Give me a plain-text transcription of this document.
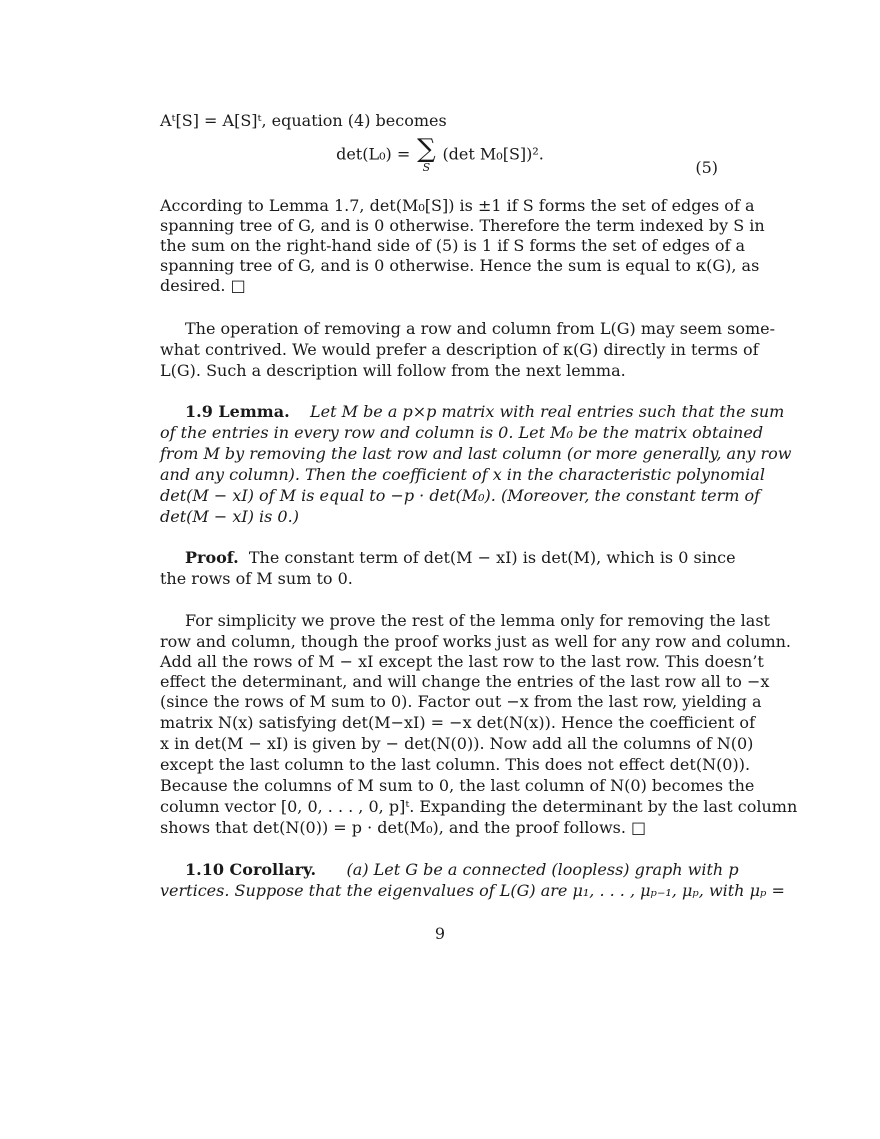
Aᵗ[S] = A[S]ᵗ, equation (4) becomes
det(L₀) = ∑
S
(det M₀[S])².
(5)
According to Lemma 1.7, det(M₀[S]) is ±1 if S forms the set of edges of a
spanning tree of G, and is 0 otherwise. Therefore the term indexed by S in
the sum on the right-hand side of (5) is 1 if S forms the set of edges of a
spanning tree of G, and is 0 otherwise. Hence the sum is equal to κ(G), as
desired. □
The operation of removing a row and column from L(G) may seem some-
what contrived. We would prefer a description of κ(G) directly in terms of
L(G). Such a description will follow from the next lemma.
1.9 Lemma. Let M be a p×p matrix with real entries such that the sum
of the entries in every row and column is 0. Let M₀ be the matrix obtained
from M by removing the last row and last column (or more generally, any row
and any column). Then the coefficient of x in the characteristic polynomial
det(M − xI) of M is equal to −p · det(M₀). (Moreover, the constant term of
det(M − xI) is 0.)
Proof. The constant term of det(M − xI) is det(M), which is 0 since
the rows of M sum to 0.
For simplicity we prove the rest of the lemma only for removing the last
row and column, though the proof works just as well for any row and column.
Add all the rows of M − xI except the last row to the last row. This doesn’t
effect the determinant, and will change the entries of the last row all to −x
(since the rows of M sum to 0). Factor out −x from the last row, yielding a
matrix N(x) satisfying det(M−xI) = −x det(N(x)). Hence the coefficient of
x in det(M − xI) is given by − det(N(0)). Now add all the columns of N(0)
except the last column to the last column. This does not effect det(N(0)).
Because the columns of M sum to 0, the last column of N(0) becomes the
column vector [0, 0, . . . , 0, p]ᵗ. Expanding the determinant by the last column
shows that det(N(0)) = p · det(M₀), and the proof follows. □
1.10 Corollary. (a) Let G be a connected (loopless) graph with p
vertices. Suppose that the eigenvalues of L(G) are μ₁, . . . , μₚ₋₁, μₚ, with μₚ =
9
